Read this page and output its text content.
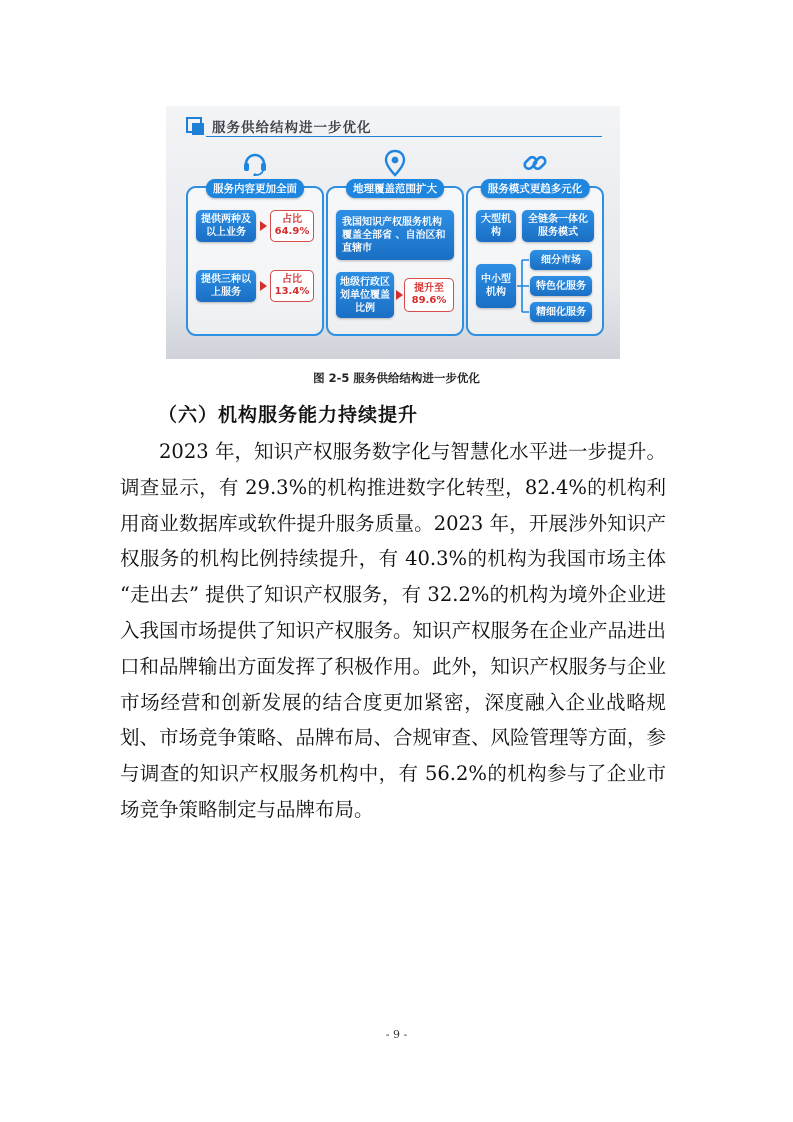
服务供给结构进一步优化
服务内容更加全面
提供两种及以上业务
占比
64.9%
提供三种以上服务
占比
13.4%
地理覆盖范围扩大
我国知识产权服务机构覆盖全部省 、自治区和直辖市
地级行政区划单位覆盖比例
提升至
89.6%
服务模式更趋多元化
大型机构
全链条一体化服务模式
中小型机构
细分市场
特色化服务
精细化服务
图 2-5 服务供给结构进一步优化
（六）机构服务能力持续提升

2023 年，知识产权服务数字化与智慧化水平进一步提升。调查显示，有 29.3%的机构推进数字化转型，82.4%的机构利用商业数据库或软件提升服务质量。2023 年，开展涉外知识产权服务的机构比例持续提升，有 40.3%的机构为我国市场主体 “走出去” 提供了知识产权服务，有 32.2%的机构为境外企业进入我国市场提供了知识产权服务。知识产权服务在企业产品进出口和品牌输出方面发挥了积极作用。此外，知识产权服务与企业市场经营和创新发展的结合度更加紧密，深度融入企业战略规划、市场竞争策略、品牌布局、合规审查、风险管理等方面，参与调查的知识产权服务机构中，有 56.2%的机构参与了企业市场竞争策略制定与品牌布局。

- 9 -
